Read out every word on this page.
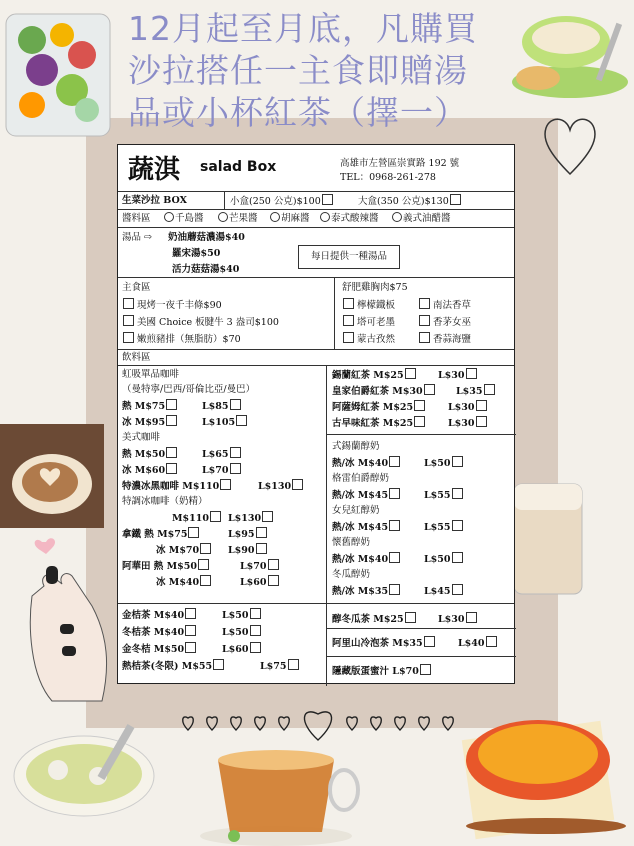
12月起至月底，凡購買
沙拉搭任一主食即贈湯
品或小杯紅茶（擇一）
蔬淇 salad Box	高雄市左營區崇實路 192 號
TEL：0968-261-278
生菜沙拉 BOX	小盒(250 公克)$100	大盒(350 公克)$130
醬料區	千島醬	芒果醬	胡麻醬	泰式酸辣醬	義式油醋醬
湯品 ⇨ 奶油蘑菇濃湯$40
羅宋湯$50
活力菇菇湯$40
每日提供一種湯品
主食區
現烤一夜千丰條$90
美國 Choice 板腱牛 3 盎司$100
嫩煎豬排（無脂肪）$70
舒肥雞胸肉$75
檸檬鐵板	南法香草
塔可老墨	香茅女巫
蒙古孜然	香蒜海鹽
飲料區
虹吸單品咖啡
（曼特寧/巴西/哥倫比亞/曼巴）
熱 M$75	L$85
冰 M$95	L$105
美式咖啡
熱 M$50	L$65
冰 M$60	L$70
特濃冰黑咖啡 M$110	L$130
特調冰咖啡（奶精）
M$110	L$130
拿鐵 熱 M$75	L$95
冰 M$70	L$90
阿華田 熱 M$50	L$70
冰 M$40	L$60
錫蘭紅茶 M$25	L$30
皇家伯爵紅茶 M$30	L$35
阿薩姆紅茶 M$25	L$30
古早味紅茶 M$25	L$30
式錫蘭醇奶
熱/冰 M$40	L$50
格雷伯爵醇奶
熱/冰 M$45	L$55
女兒紅醇奶
熱/冰 M$45	L$55
懷舊醇奶
熱/冰 M$40	L$50
冬瓜醇奶
熱/冰 M$35	L$45
金桔茶 M$40	L$50
冬桔茶 M$40	L$50
金冬桔 M$50	L$60
熱桔茶(冬限) M$55	L$75
醇冬瓜茶 M$25	L$30
阿里山冷泡茶 M$35	L$40
隱藏版蛋蜜汁 L$70
